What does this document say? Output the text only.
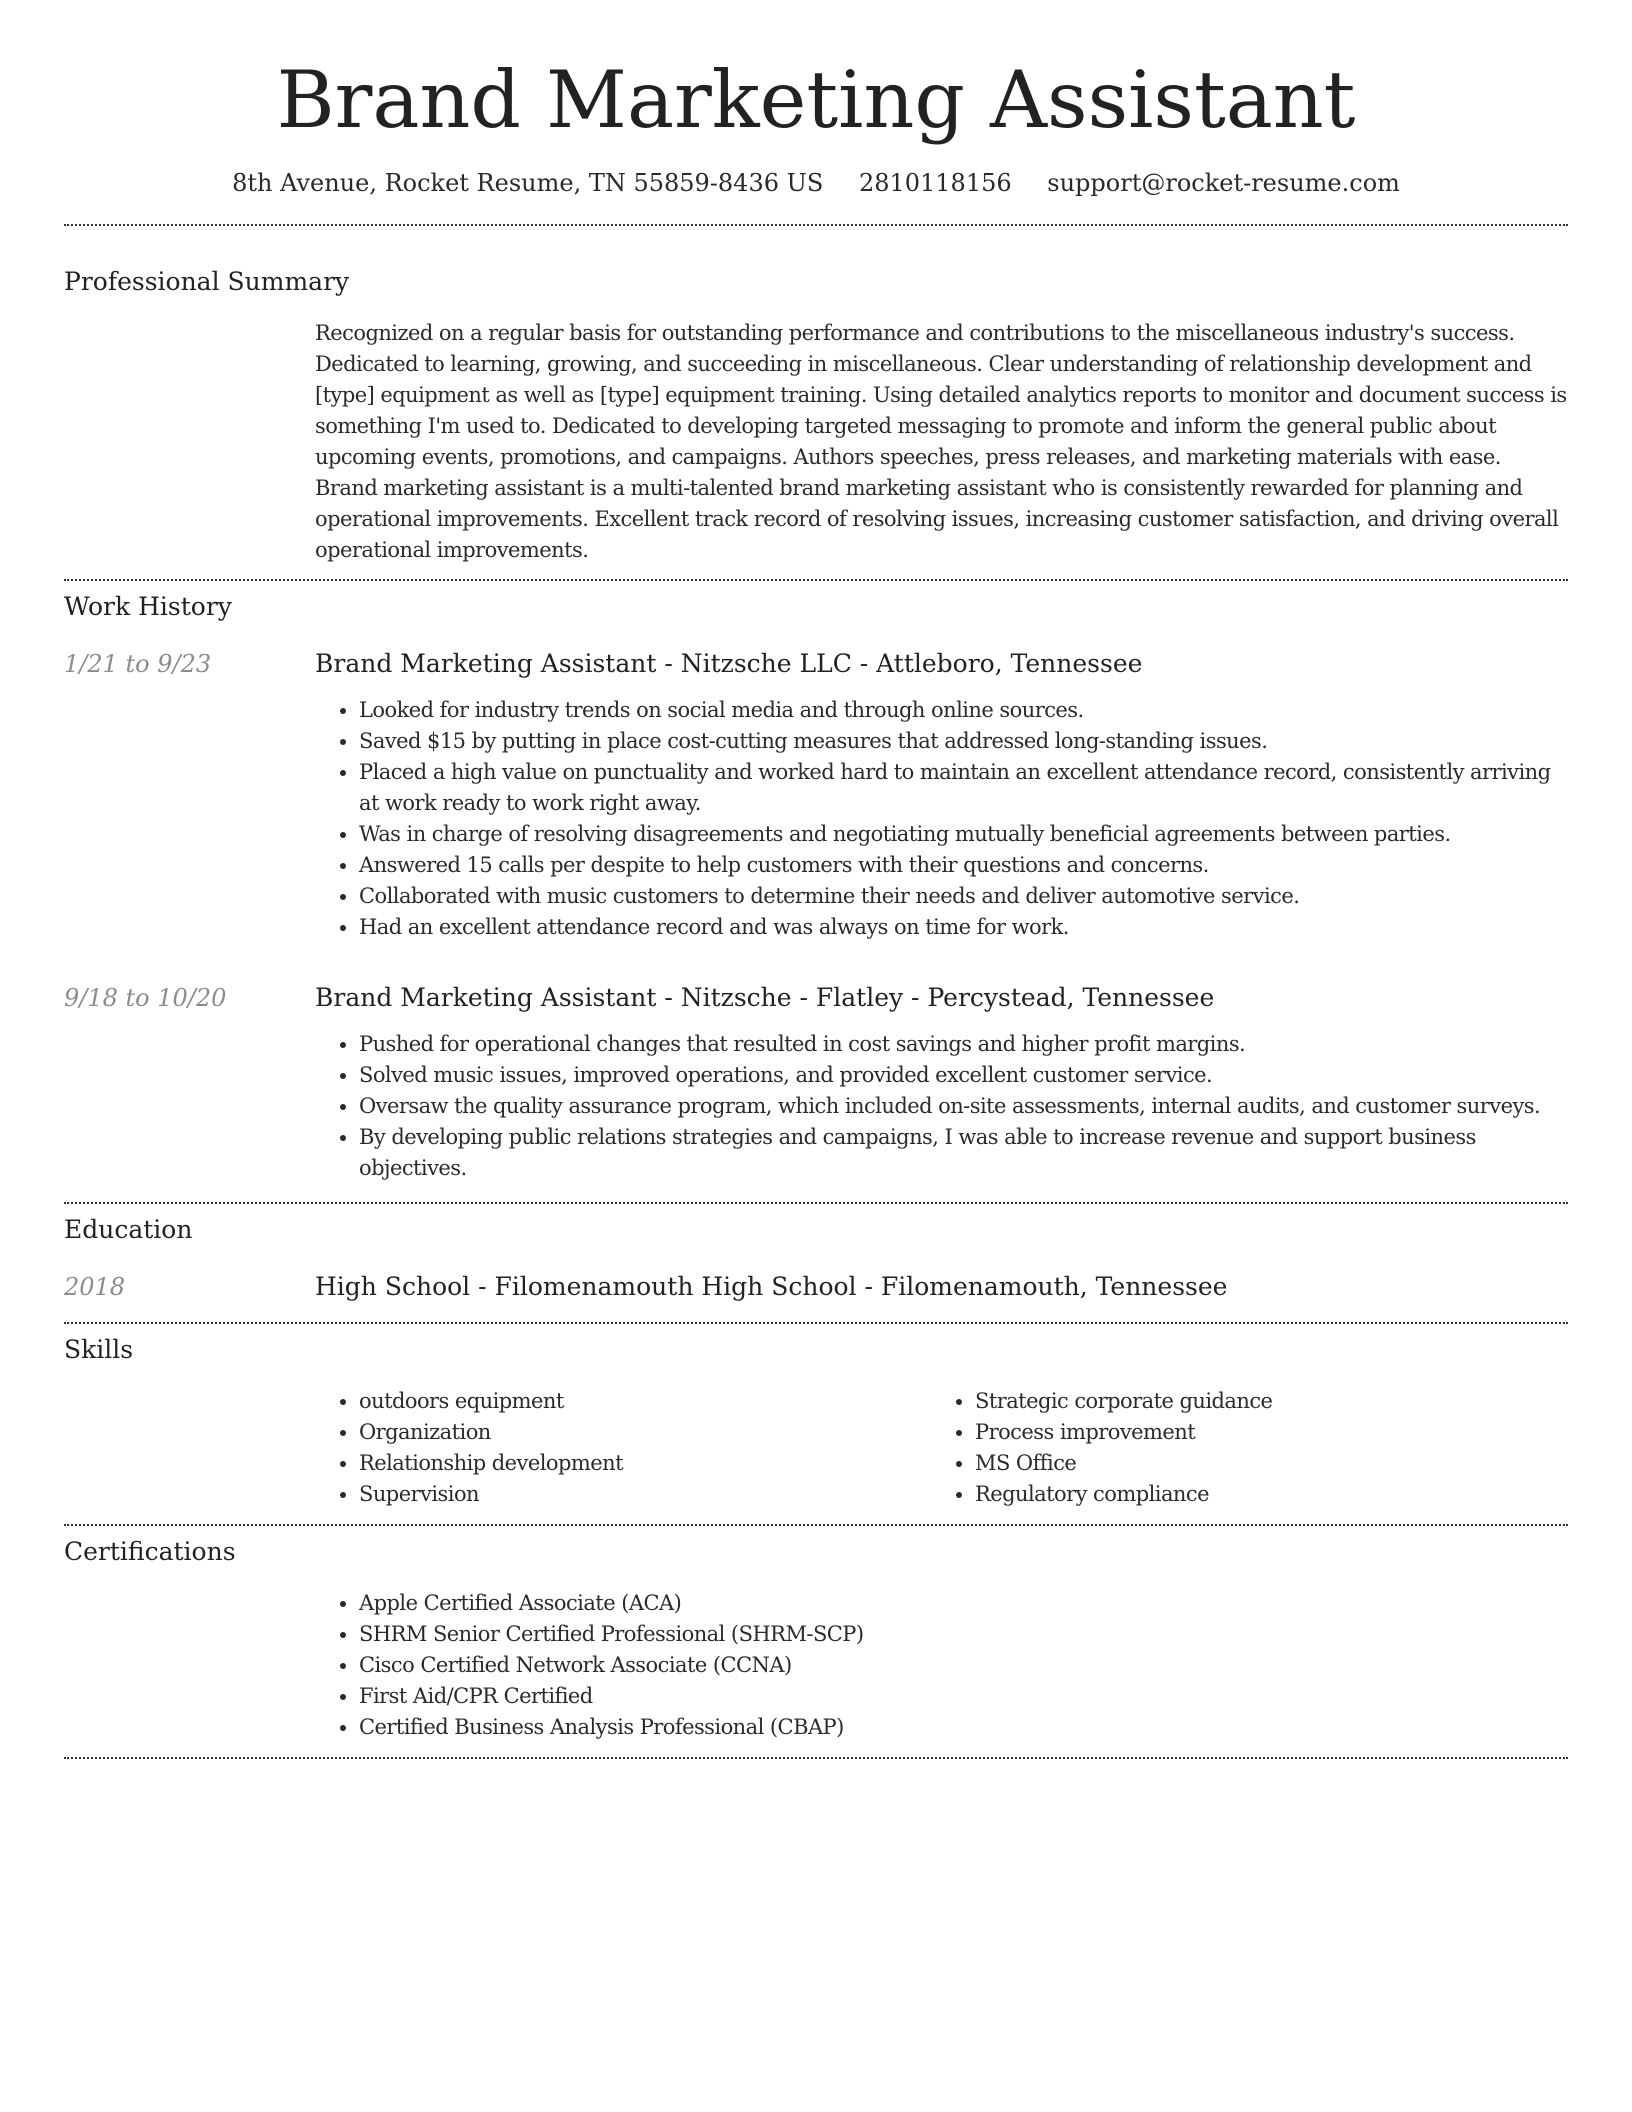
Brand Marketing Assistant
8th Avenue, Rocket Resume, TN 55859-8436 US 2810118156 support@rocket-resume.com
Professional Summary

Recognized on a regular basis for outstanding performance and contributions to the miscellaneous industry's success. Dedicated to learning, growing, and succeeding in miscellaneous. Clear understanding of relationship development and [type] equipment as well as [type] equipment training. Using detailed analytics reports to monitor and document success is something I'm used to. Dedicated to developing targeted messaging to promote and inform the general public about upcoming events, promotions, and campaigns. Authors speeches, press releases, and marketing materials with ease. Brand marketing assistant is a multi-talented brand marketing assistant who is consistently rewarded for planning and operational improvements. Excellent track record of resolving issues, increasing customer satisfaction, and driving overall operational improvements.

Work History
1/21 to 9/23	Brand Marketing Assistant - Nitzsche LLC - Attleboro, Tennessee
• Looked for industry trends on social media and through online sources.
• Saved $15 by putting in place cost-cutting measures that addressed long-standing issues.
• Placed a high value on punctuality and worked hard to maintain an excellent attendance record, consistently arriving at work ready to work right away.
• Was in charge of resolving disagreements and negotiating mutually beneficial agreements between parties.
• Answered 15 calls per despite to help customers with their questions and concerns.
• Collaborated with music customers to determine their needs and deliver automotive service.
• Had an excellent attendance record and was always on time for work.
9/18 to 10/20	Brand Marketing Assistant - Nitzsche - Flatley - Percystead, Tennessee
• Pushed for operational changes that resulted in cost savings and higher profit margins.
• Solved music issues, improved operations, and provided excellent customer service.
• Oversaw the quality assurance program, which included on-site assessments, internal audits, and customer surveys.
• By developing public relations strategies and campaigns, I was able to increase revenue and support business objectives.
Education
2018	High School - Filomenamouth High School - Filomenamouth, Tennessee
Skills
• outdoors equipment
• Organization
• Relationship development
• Supervision
• Strategic corporate guidance
• Process improvement
• MS Office
• Regulatory compliance
Certifications
• Apple Certified Associate (ACA)
• SHRM Senior Certified Professional (SHRM-SCP)
• Cisco Certified Network Associate (CCNA)
• First Aid/CPR Certified
• Certified Business Analysis Professional (CBAP)
